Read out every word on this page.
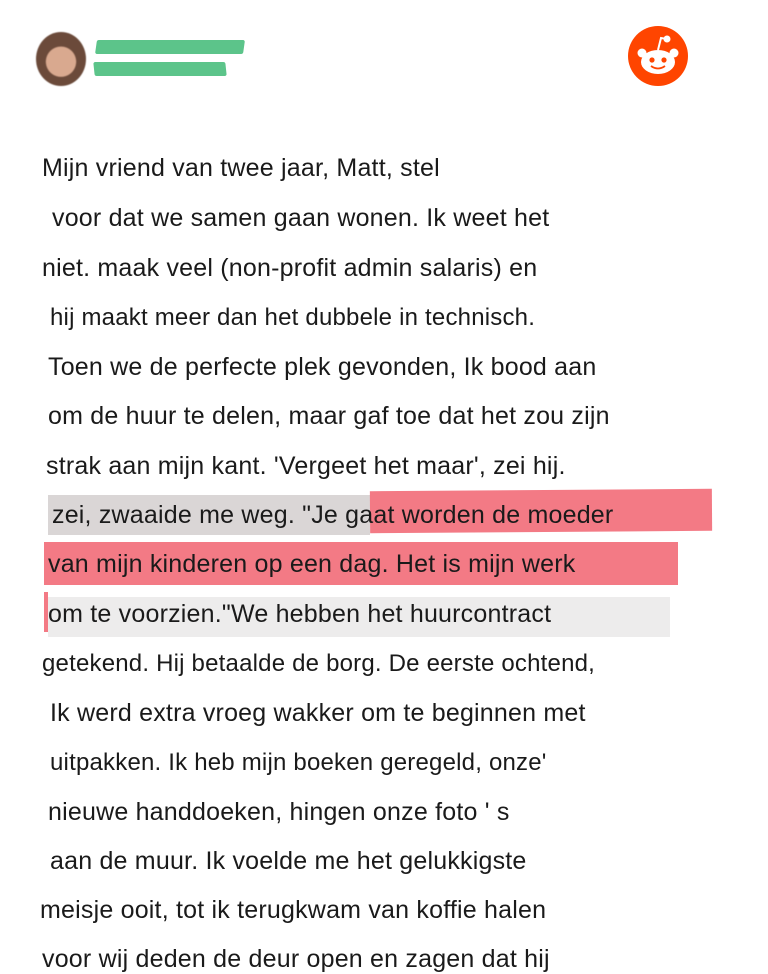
Mijn vriend van twee jaar, Matt, stel
voor dat we samen gaan wonen. Ik weet het
niet. maak veel (non-profit admin salaris) en
hij maakt meer dan het dubbele in technisch.
Toen we de perfecte plek gevonden, Ik bood aan
om de huur te delen, maar gaf toe dat het zou zijn
strak aan mijn kant. 'Vergeet het maar', zei hij.
zei, zwaaide me weg. "Je gaat worden de moeder
van mijn kinderen op een dag. Het is mijn werk
om te voorzien."We hebben het huurcontract
getekend. Hij betaalde de borg. De eerste ochtend,
Ik werd extra vroeg wakker om te beginnen met
uitpakken. Ik heb mijn boeken geregeld, onze'
nieuwe handdoeken, hingen onze foto ' s
aan de muur. Ik voelde me het gelukkigste
meisje ooit, tot ik terugkwam van koffie halen
voor wij deden de deur open en zagen dat hij
